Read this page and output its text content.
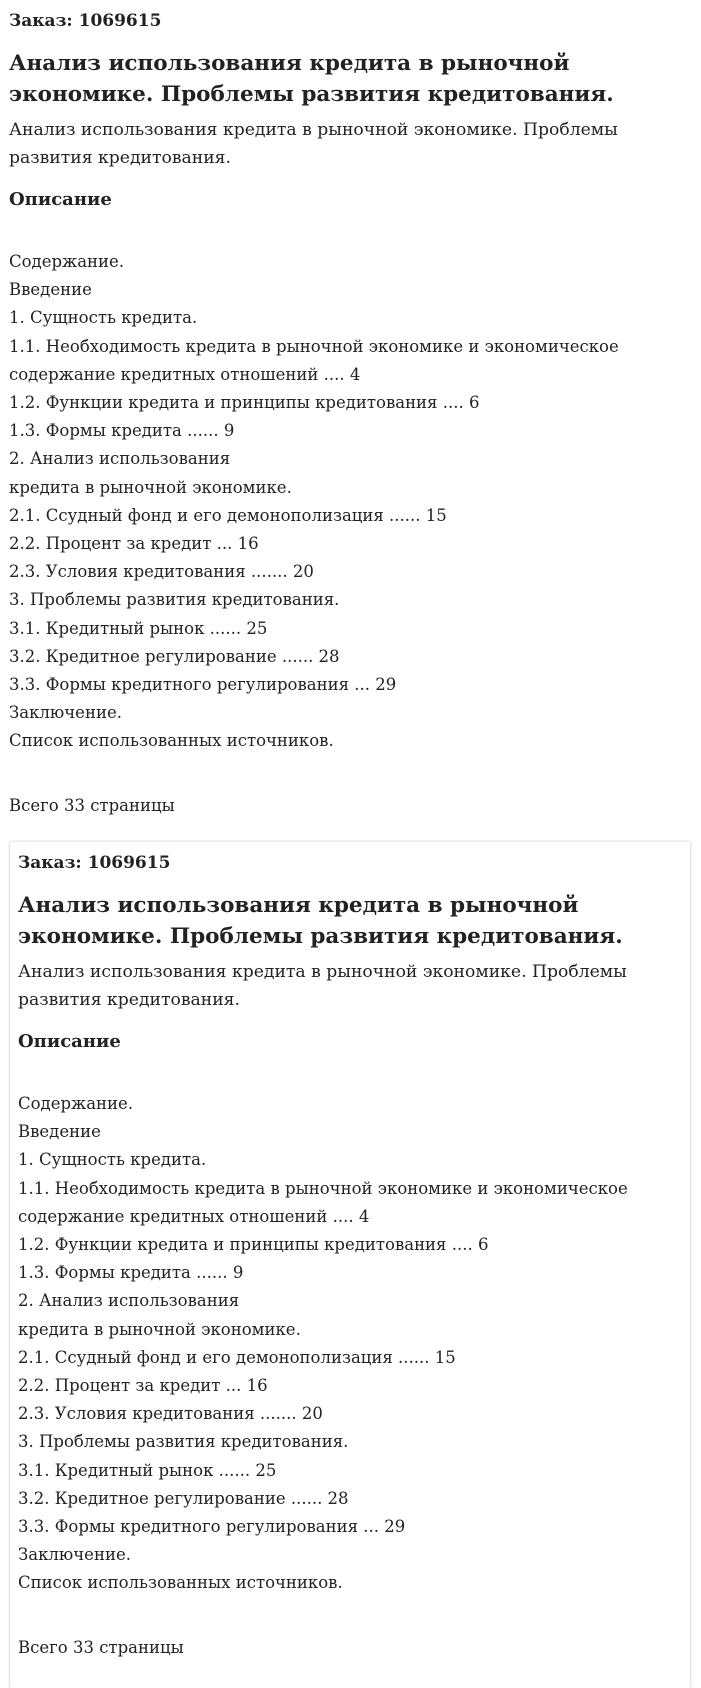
Заказ: 1069615
Анализ использования кредита в рыночной экономике. Проблемы развития кредитования.

Анализ использования кредита в рыночной экономике. Проблемы развития кредитования.

Описание
Содержание.
Введение
1. Сущность кредита.
1.1. Необходимость кредита в рыночной экономике и экономическое
содержание кредитных отношений .... 4
1.2. Функции кредита и принципы кредитования .... 6
1.3. Формы кредита ...... 9
2. Анализ использования
кредита в рыночной экономике.
2.1. Ссудный фонд и его демонополизация ...... 15
2.2. Процент за кредит ... 16
2.3. Условия кредитования ....... 20
3. Проблемы развития кредитования.
3.1. Кредитный рынок ...... 25
3.2. Кредитное регулирование ...... 28
3.3. Формы кредитного регулирования ... 29
Заключение.
Список использованных источников.
Всего 33 страницы
Заказ: 1069615
Анализ использования кредита в рыночной экономике. Проблемы развития кредитования.

Анализ использования кредита в рыночной экономике. Проблемы развития кредитования.

Описание
Содержание.
Введение
1. Сущность кредита.
1.1. Необходимость кредита в рыночной экономике и экономическое
содержание кредитных отношений .... 4
1.2. Функции кредита и принципы кредитования .... 6
1.3. Формы кредита ...... 9
2. Анализ использования
кредита в рыночной экономике.
2.1. Ссудный фонд и его демонополизация ...... 15
2.2. Процент за кредит ... 16
2.3. Условия кредитования ....... 20
3. Проблемы развития кредитования.
3.1. Кредитный рынок ...... 25
3.2. Кредитное регулирование ...... 28
3.3. Формы кредитного регулирования ... 29
Заключение.
Список использованных источников.
Всего 33 страницы
